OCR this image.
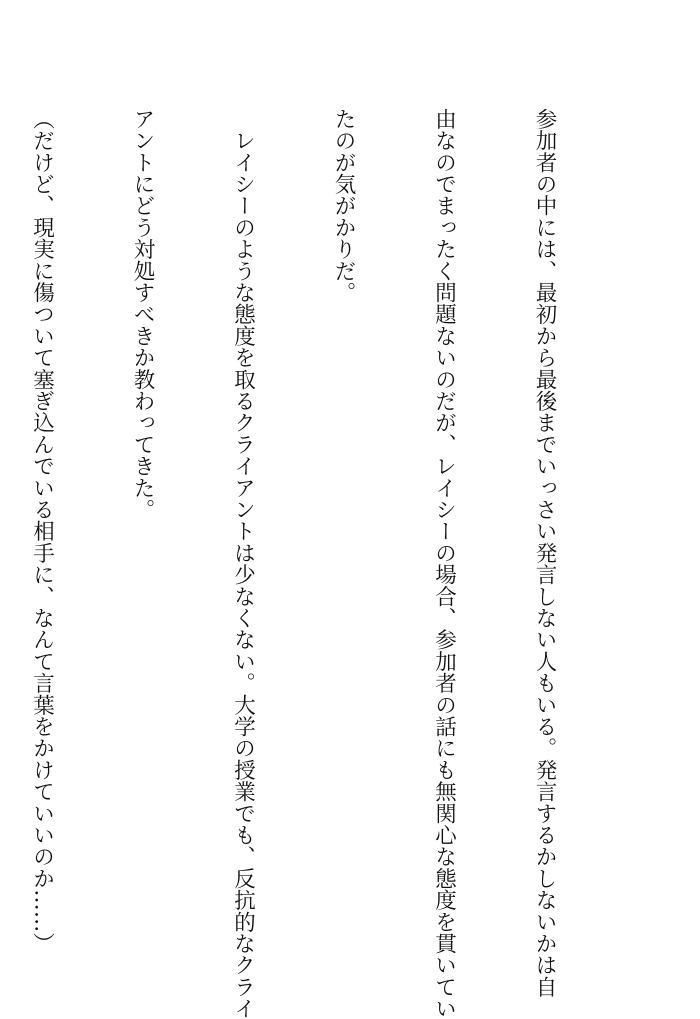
参加者の中には、最初から最後までいっさい発言しない人もいる。発言するかしないかは自

由なのでまったく問題ないのだが、レイシーの場合、参加者の話にも無関心な態度を貫いてい

たのが気がかりだ。

　レイシーのような態度を取るクライアントは少なくない。大学の授業でも、反抗的なクライ

アントにどう対処すべきか教わってきた。

（だけど、現実に傷ついて塞ぎ込んでいる相手に、なんて言葉をかけていいのか……）
